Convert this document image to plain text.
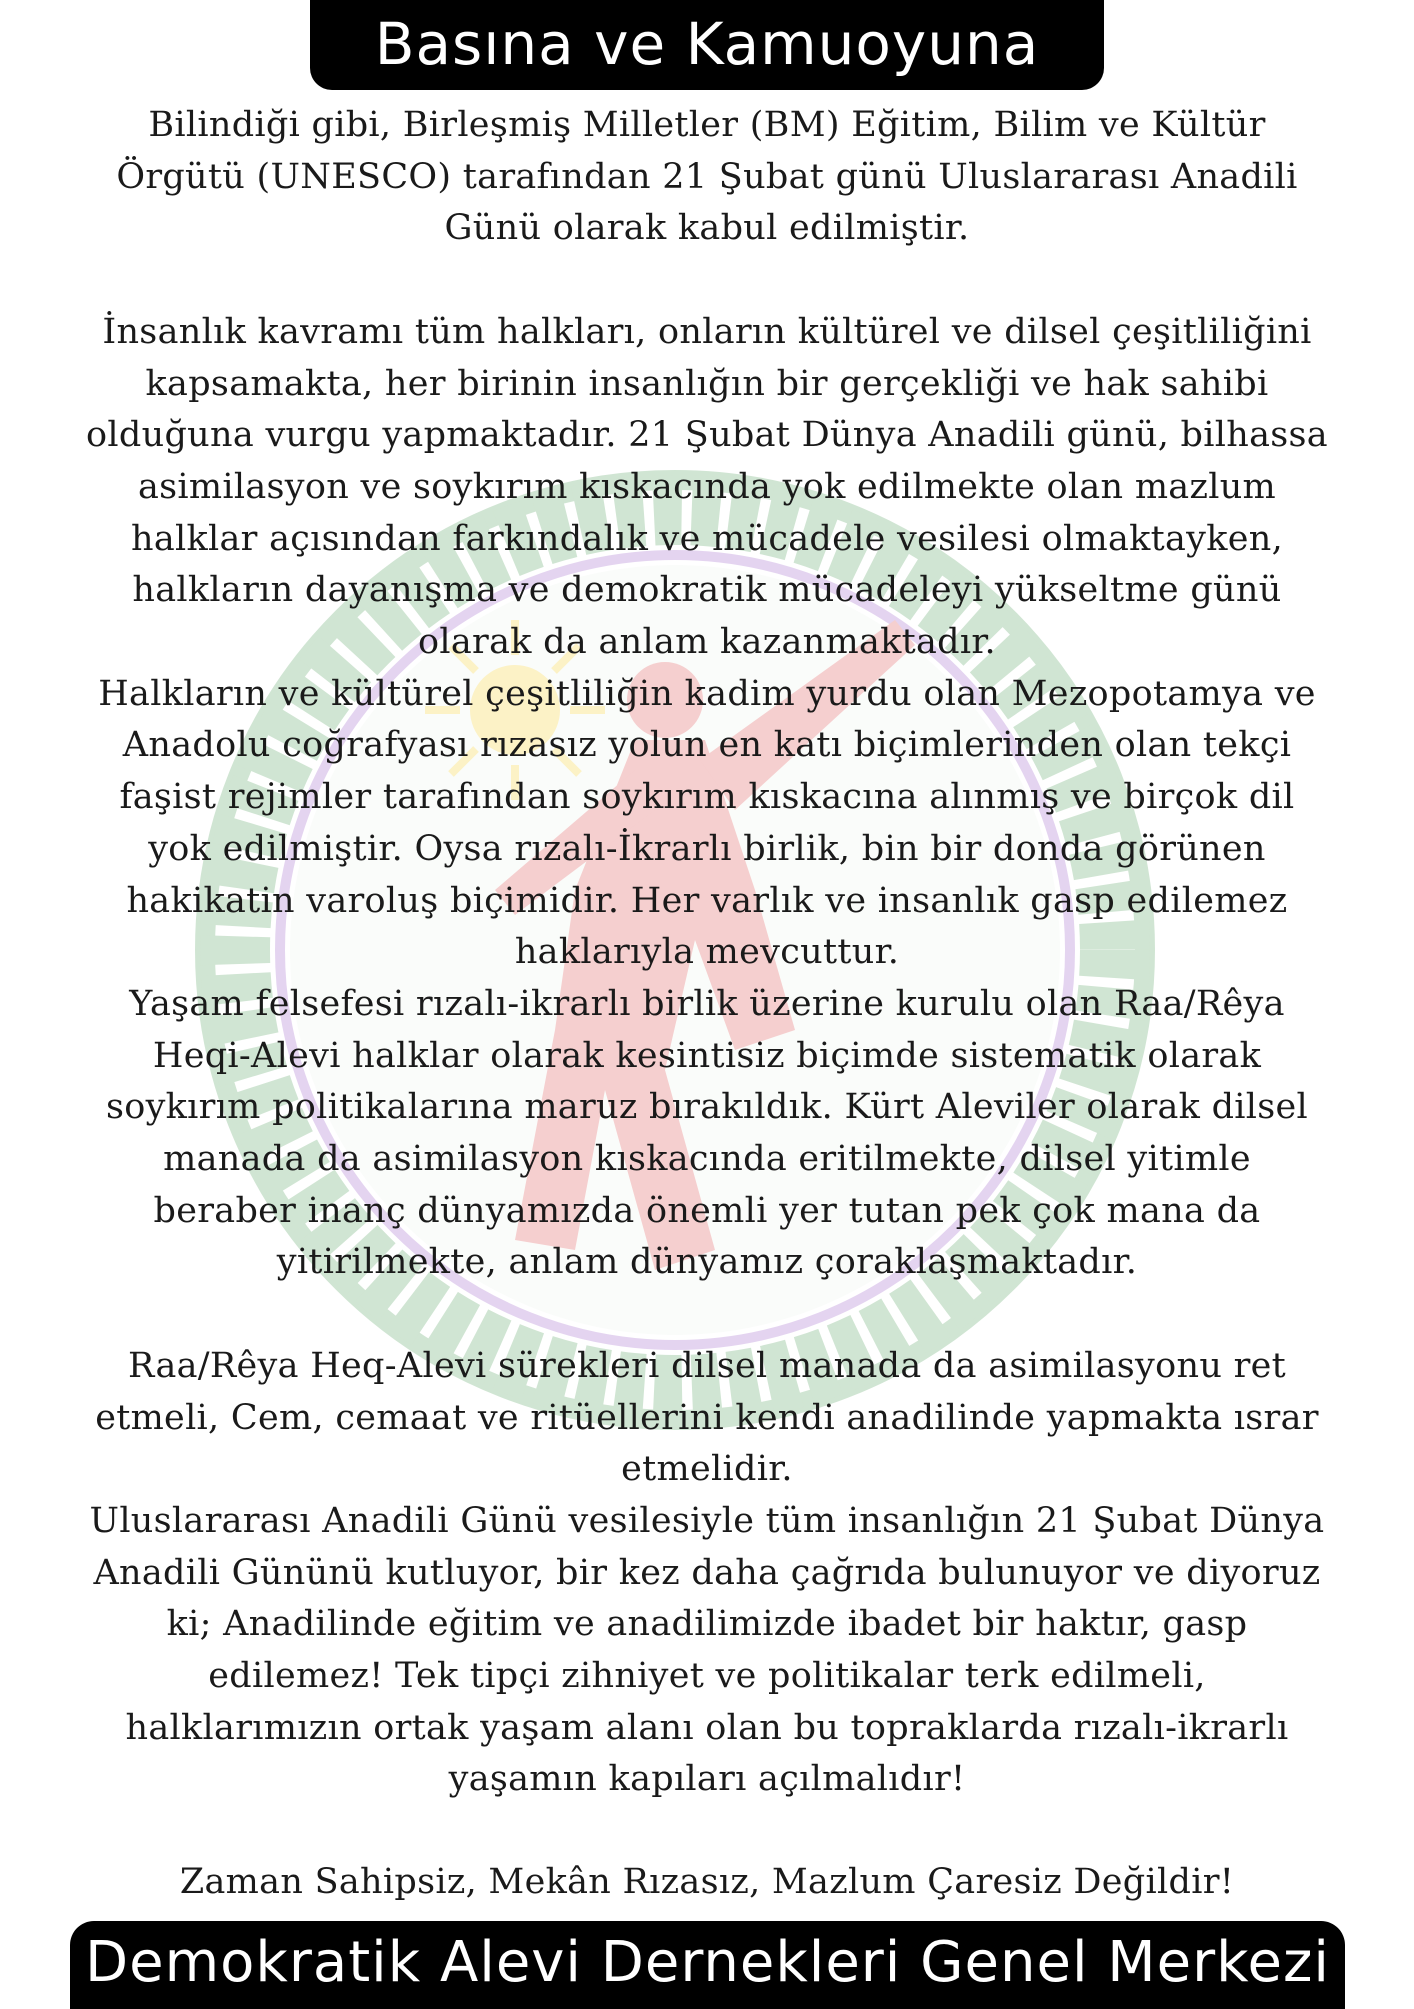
Basına ve Kamuoyuna

Bilindiği gibi, Birleşmiş Milletler (BM) Eğitim, Bilim ve Kültür
Örgütü (UNESCO) tarafından 21 Şubat günü Uluslararası Anadili
Günü olarak kabul edilmiştir.

İnsanlık kavramı tüm halkları, onların kültürel ve dilsel çeşitliliğini
kapsamakta, her birinin insanlığın bir gerçekliği ve hak sahibi
olduğuna vurgu yapmaktadır. 21 Şubat Dünya Anadili günü, bilhassa
asimilasyon ve soykırım kıskacında yok edilmekte olan mazlum
halklar açısından farkındalık ve mücadele vesilesi olmaktayken,
halkların dayanışma ve demokratik mücadeleyi yükseltme günü
olarak da anlam kazanmaktadır.

Halkların ve kültürel çeşitliliğin kadim yurdu olan Mezopotamya ve
Anadolu coğrafyası rızasız yolun en katı biçimlerinden olan tekçi
faşist rejimler tarafından soykırım kıskacına alınmış ve birçok dil
yok edilmiştir. Oysa rızalı-İkrarlı birlik, bin bir donda görünen
hakikatin varoluş biçimidir. Her varlık ve insanlık gasp edilemez
haklarıyla mevcuttur.

Yaşam felsefesi rızalı-ikrarlı birlik üzerine kurulu olan Raa/Rêya
Heqi-Alevi halklar olarak kesintisiz biçimde sistematik olarak
soykırım politikalarına maruz bırakıldık. Kürt Aleviler olarak dilsel
manada da asimilasyon kıskacında eritilmekte, dilsel yitimle
beraber inanç dünyamızda önemli yer tutan pek çok mana da
yitirilmekte, anlam dünyamız çoraklaşmaktadır.

Raa/Rêya Heq-Alevi sürekleri dilsel manada da asimilasyonu ret
etmeli, Cem, cemaat ve ritüellerini kendi anadilinde yapmakta ısrar
etmelidir.

Uluslararası Anadili Günü vesilesiyle tüm insanlığın 21 Şubat Dünya
Anadili Gününü kutluyor, bir kez daha çağrıda bulunuyor ve diyoruz
ki; Anadilinde eğitim ve anadilimizde ibadet bir haktır, gasp
edilemez! Tek tipçi zihniyet ve politikalar terk edilmeli,
halklarımızın ortak yaşam alanı olan bu topraklarda rızalı-ikrarlı
yaşamın kapıları açılmalıdır!

Zaman Sahipsiz, Mekân Rızasız, Mazlum Çaresiz Değildir!
Demokratik Alevi Dernekleri Genel Merkezi
